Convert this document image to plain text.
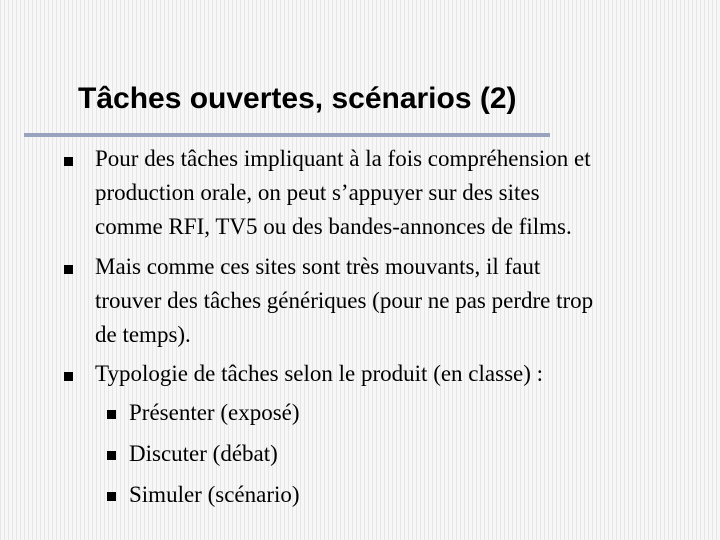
Tâches ouvertes, scénarios (2)
Pour des tâches impliquant à la fois compréhension et
production orale, on peut s’appuyer sur des sites
comme RFI, TV5 ou des bandes-annonces de films.
Mais comme ces sites sont très mouvants, il faut
trouver des tâches génériques (pour ne pas perdre trop
de temps).
Typologie de tâches selon le produit (en classe) :
Présenter (exposé)
Discuter (débat)
Simuler (scénario)
